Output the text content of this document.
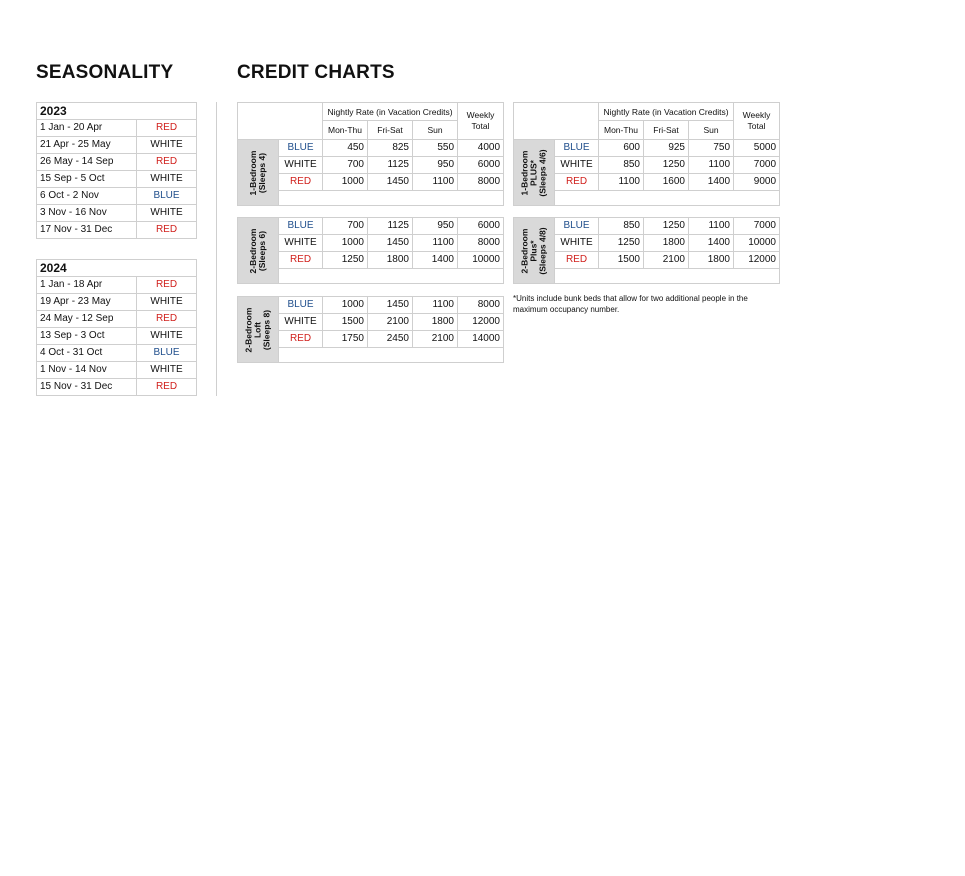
SEASONALITY	CREDIT CHARTS
2023	
1 Jan - 20 Apr	RED
21 Apr - 25 May	WHITE
26 May - 14 Sep	RED
15 Sep - 5 Oct	WHITE
6 Oct - 2 Nov	BLUE
3 Nov - 16 Nov	WHITE
17 Nov - 31 Dec	RED
2024	
1 Jan - 18 Apr	RED
19 Apr - 23 May	WHITE
24 May - 12 Sep	RED
13 Sep - 3 Oct	WHITE
4 Oct - 31 Oct	BLUE
1 Nov - 14 Nov	WHITE
15 Nov - 31 Dec	RED
		Nightly Rate (in Vacation Credits)			Weekly
Total
		Mon-Thu	Fri-Sat	Sun	

1-Bedroom
(Sleeps 4)	BLUE	450	825	550	4000
	WHITE	700	1125	950	6000
	RED	1000	1450	1100	8000

2-Bedroom
(Sleeps 6)	BLUE	700	1125	950	6000
	WHITE	1000	1450	1100	8000
	RED	1250	1800	1400	10000

2-Bedroom
Loft
(Sleeps 8)	BLUE	1000	1450	1100	8000
	WHITE	1500	2100	1800	12000
	RED	1750	2450	2100	14000

		Nightly Rate (in Vacation Credits)			Weekly
Total
		Mon-Thu	Fri-Sat	Sun	

1-Bedroom
PLUS*
(Sleeps 4/6)	BLUE	600	925	750	5000
	WHITE	850	1250	1100	7000
	RED	1100	1600	1400	9000

2-Bedroom
Plus*
(Sleeps 4/8)	BLUE	850	1250	1100	7000
	WHITE	1250	1800	1400	10000
	RED	1500	2100	1800	12000

*Units include bunk beds that allow for two additional people in the maximum occupancy number.
